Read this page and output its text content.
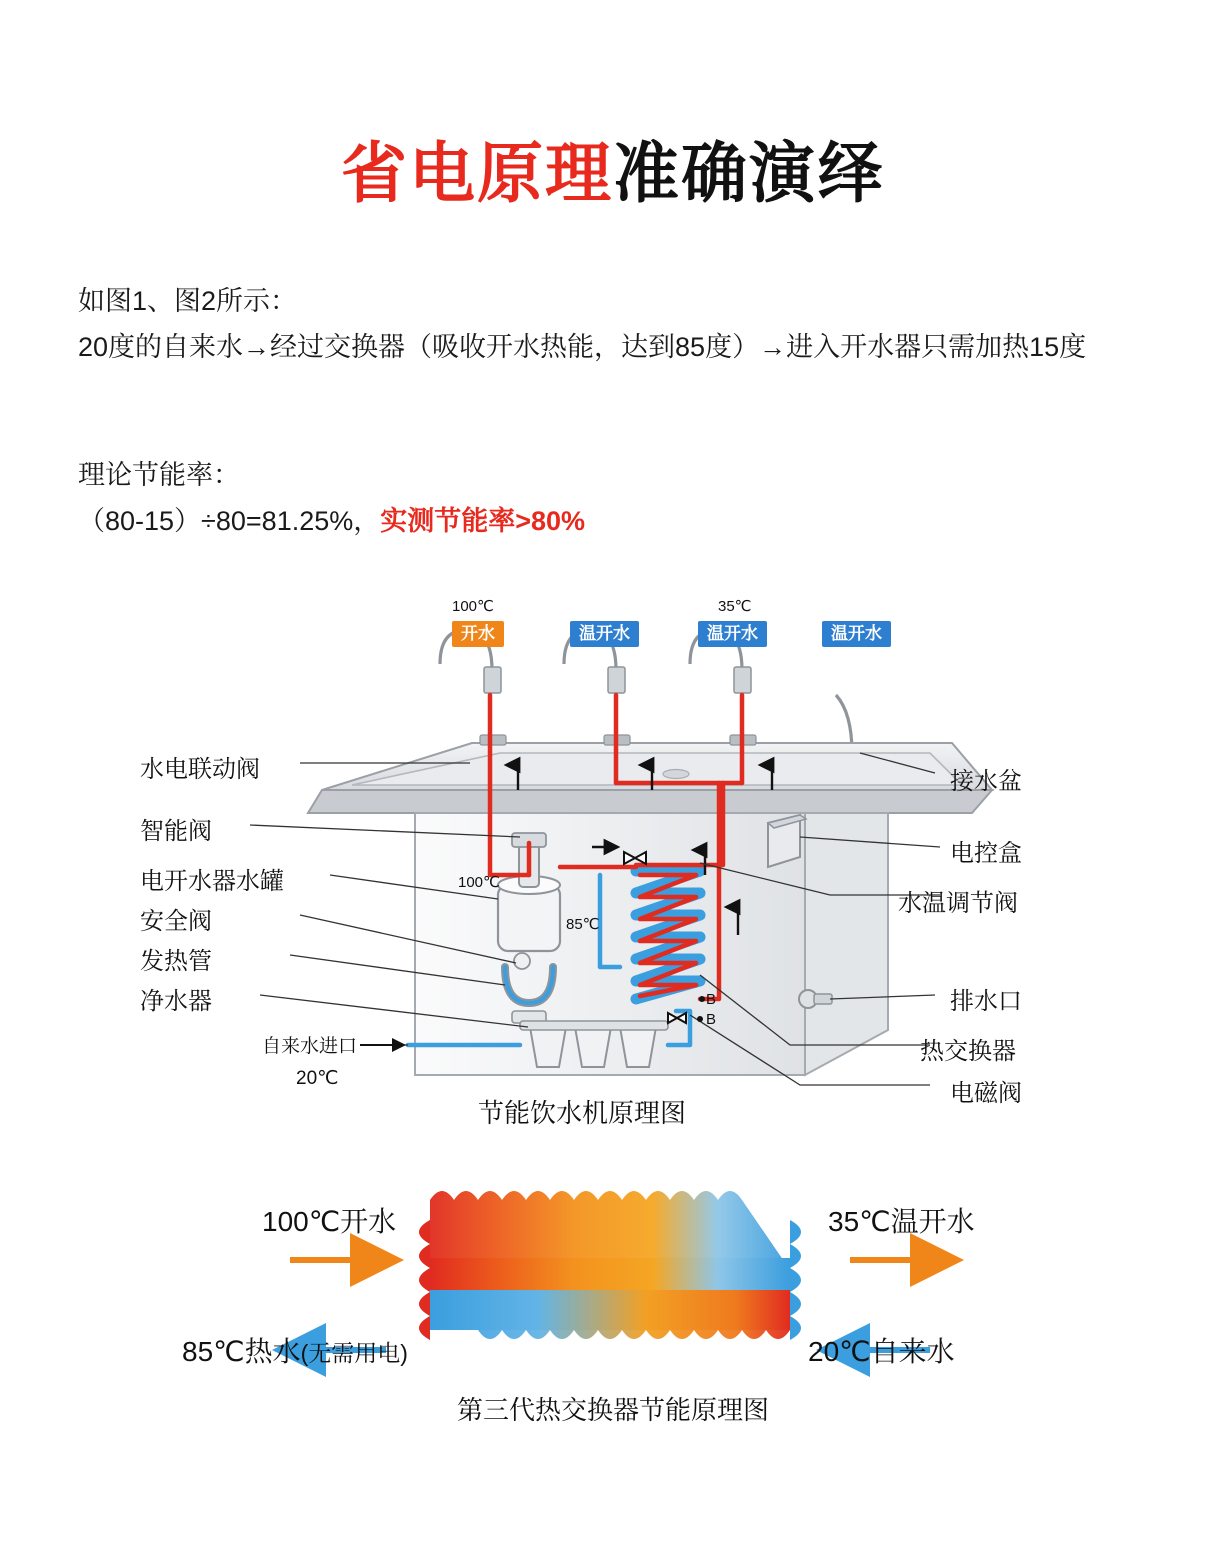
省电原理准确演绎
如图1、图2所示：
20度的自来水→经过交换器（吸收开水热能，达到85度）→进入开水器只需加热15度
理论节能率：
（80-15）÷80=81.25%，实测节能率>80%
100℃	35℃
开水	温开水	温开水	温开水
水电联动阀
智能阀
电开水器水罐
安全阀
发热管
净水器
接水盆
电控盒
水温调节阀
排水口
热交换器
电磁阀
自来水进口
20℃
100℃
85℃
B
B
节能饮水机原理图
100℃开水	35℃温开水
85℃热水(无需用电)	20℃自来水
第三代热交换器节能原理图
